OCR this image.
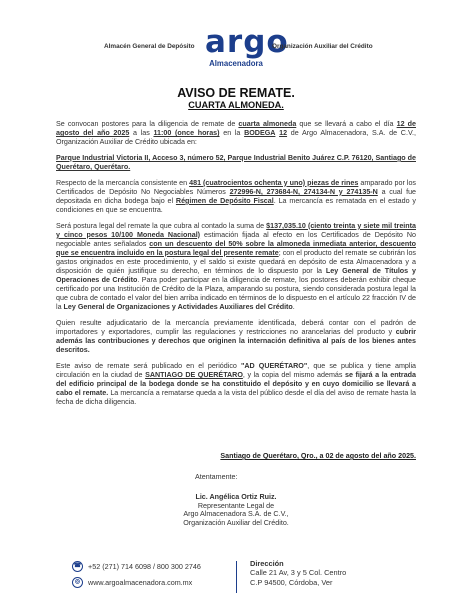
Almacén General de Depósito argo
Almacenadora
Organización Auxiliar del Crédito
AVISO DE REMATE.
CUARTA ALMONEDA.

Se convocan postores para la diligencia de remate de cuarta almoneda que se llevará a cabo el día 12 de agosto del año 2025 a las 11:00 (once horas) en la BODEGA 12 de Argo Almacenadora, S.A. de C.V., Organización Auxiliar de Crédito ubicada en:

Parque Industrial Victoria II, Acceso 3, número 52, Parque Industrial Benito Juárez C.P. 76120, Santiago de Querétaro, Querétaro.

Respecto de la mercancía consistente en 481 (cuatrocientos ochenta y uno) piezas de rines amparado por los Certificados de Depósito No Negociables Números 272996-N, 273684-N, 274134-N y 274135-N a cual fue depositada en dicha bodega bajo el Régimen de Depósito Fiscal. La mercancía es rematada en el estado y condiciones en que se encuentra.

Será postura legal del remate la que cubra al contado la suma de $137,035.10 (ciento treinta y siete mil treinta y cinco pesos 10/100 Moneda Nacional) estimación fijada al efecto en los Certificados de Depósito No negociable antes señalados con un descuento del 50% sobre la almoneda inmediata anterior, descuento que se encuentra incluido en la postura legal del presente remate; con el producto del remate se cubrirán los gastos originados en este procedimiento, y el saldo si existe quedará en depósito de esta Almacenadora y a disposición de quién justifique su derecho, en términos de lo dispuesto por la Ley General de Títulos y Operaciones de Crédito. Para poder participar en la diligencia de remate, los postores deberán exhibir cheque certificado por una Institución de Crédito de la Plaza, amparando su postura, siendo considerada postura legal la que cubra de contado el valor del bien arriba indicado en términos de lo dispuesto en el artículo 22 fracción IV de la Ley General de Organizaciones y Actividades Auxiliares del Crédito.

Quien resulte adjudicatario de la mercancía previamente identificada, deberá contar con el padrón de importadores y exportadores, cumplir las regulaciones y restricciones no arancelarias del producto y cubrir además las contribuciones y derechos que originen la internación definitiva al país de los bienes antes descritos.

Este aviso de remate será publicado en el periódico "AD QUERÉTARO", que se publica y tiene amplia circulación en la ciudad de SANTIAGO DE QUERÉTARO, y la copia del mismo además se fijará a la entrada del edificio principal de la bodega donde se ha constituido el depósito y en cuyo domicilio se llevará a cabo el remate. La mercancía a rematarse queda a la vista del público desde el día del aviso de remate hasta la fecha de dicha diligencia.

Santiago de Querétaro, Qro., a 02 de agosto del año 2025.
Atentamente:
Lic. Angélica Ortiz Ruiz.
Representante Legal de
Argo Almacenadora S.A. de C.V.,
Organización Auxiliar del Crédito.
☎ +52 (271) 714 6098 / 800 300 2746
◎	www.argoalmacenadora.com.mx
Dirección
Calle 21 Av, 3 y 5 Col. Centro
C.P 94500, Córdoba, Ver
